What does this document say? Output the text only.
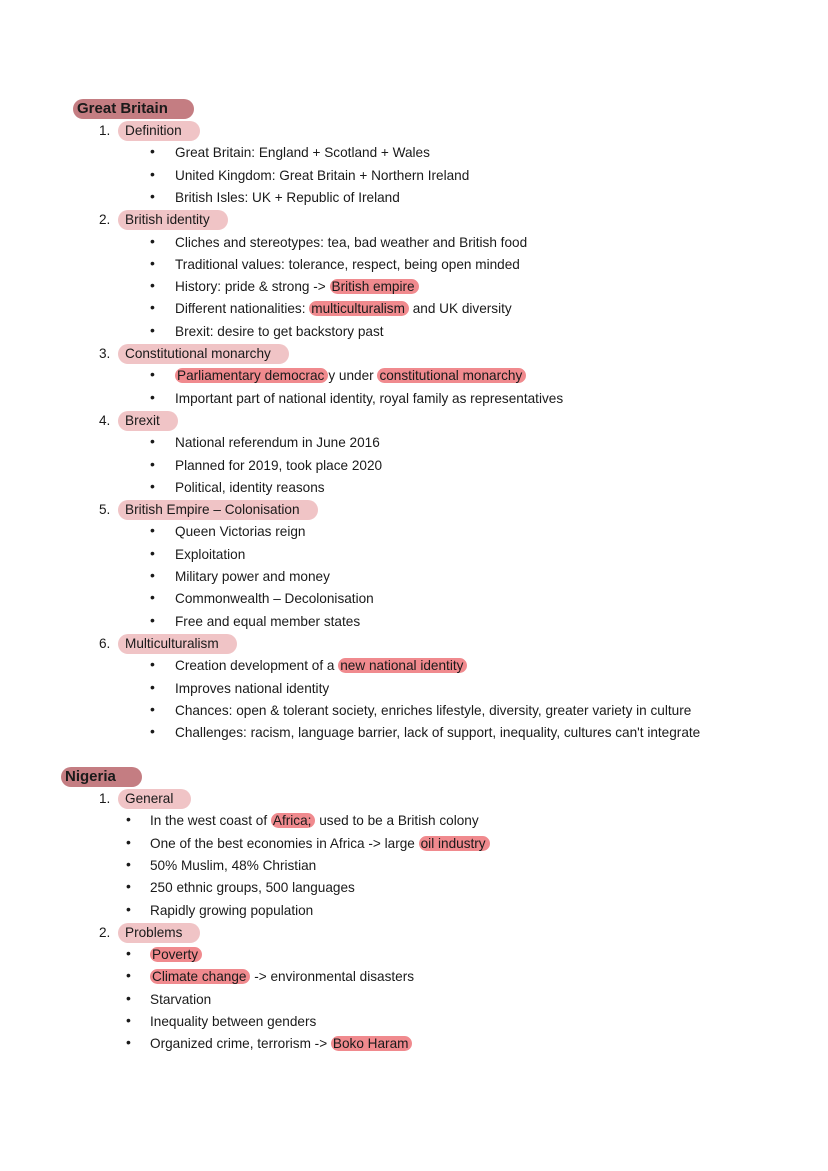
Great Britain
1.	Definition
• Great Britain: England + Scotland + Wales
• United Kingdom: Great Britain + Northern Ireland
• British Isles: UK + Republic of Ireland
2.	British identity
• Cliches and stereotypes: tea, bad weather and British food
• Traditional values: tolerance, respect, being open minded
• History: pride & strong -> British empire
• Different nationalities: multiculturalism and UK diversity
• Brexit: desire to get backstory past
3.	Constitutional monarchy
• Parliamentary democrac y under constitutional monarchy
• Important part of national identity, royal family as representatives
4.	Brexit
• National referendum in June 2016
• Planned for 2019, took place 2020
• Political, identity reasons
5.	British Empire – Colonisation
• Queen Victorias reign
• Exploitation
• Military power and money
• Commonwealth – Decolonisation
• Free and equal member states
6.	Multiculturalism
• Creation development of a new national identity
• Improves national identity
• Chances: open & tolerant society, enriches lifestyle, diversity, greater variety in culture
• Challenges: racism, language barrier, lack of support, inequality, cultures can't integrate
Nigeria
1.	General
• In the west coast of Africa; used to be a British colony
• One of the best economies in Africa -> large oil industry
• 50% Muslim, 48% Christian
• 250 ethnic groups, 500 languages
• Rapidly growing population
2.	Problems
• Poverty
• Climate change -> environmental disasters
• Starvation
• Inequality between genders
• Organized crime, terrorism -> Boko Haram
